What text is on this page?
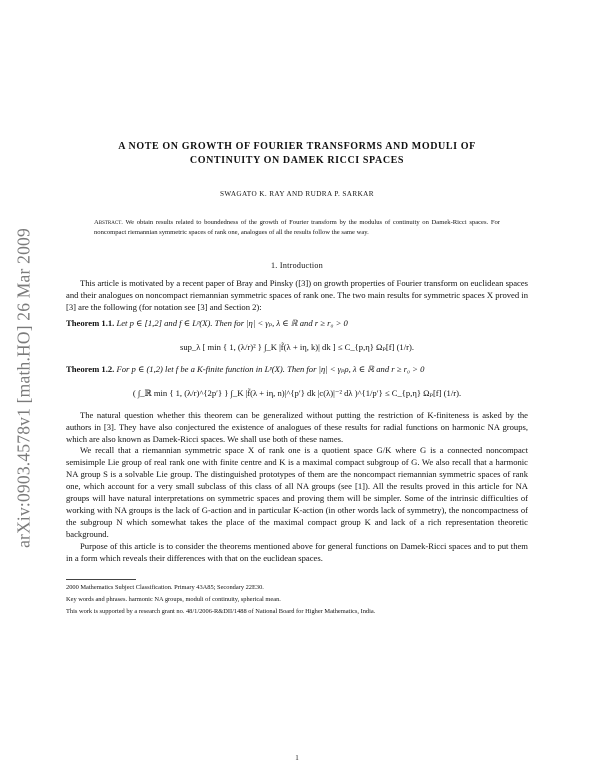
arXiv:0903.4578v1 [math.HO] 26 Mar 2009
A NOTE ON GROWTH OF FOURIER TRANSFORMS AND MODULI OF
CONTINUITY ON DAMEK RICCI SPACES
SWAGATO K. RAY AND RUDRA P. SARKAR
Abstract. We obtain results related to boundedness of the growth of Fourier transform by the modulus of continuity on Damek-Ricci spaces. For noncompact riemannian symmetric spaces of rank one, analogues of all the results follow the same way.
1. Introduction

This article is motivated by a recent paper of Bray and Pinsky ([3]) on growth properties of Fourier transform on euclidean spaces and their analogues on noncompact riemannian symmetric spaces of rank one. The two main results for symmetric spaces X proved in [3] are the following (for notation see [3] and Section 2):

Theorem 1.1. Let p ∈ [1,2] and f ∈ Lᵖ(X). Then for |η| < γₚ, λ ∈ ℝ and r ≥ r₀ > 0

sup_λ [ min { 1, (λ/r)² } ∫_K |f̃(λ + iη, k)| dk ] ≤ C_{p,η} Ωₚ[f] (1/r).

Theorem 1.2. For p ∈ (1,2) let f be a K-finite function in Lᵖ(X). Then for |η| < γₚρ, λ ∈ ℝ and r ≥ r₀ > 0

( ∫_ℝ min { 1, (λ/r)^{2p′} } ∫_K |f̃(λ + iη, n)|^{p′} dk |c(λ)|⁻² dλ )^{1/p′} ≤ C_{p,η} Ωₚ[f] (1/r).

The natural question whether this theorem can be generalized without putting the restriction of K-finiteness is asked by the authors in [3]. They have also conjectured the existence of analogues of these results for radial functions on harmonic NA groups, which are also known as Damek-Ricci spaces. We shall use both of these names.

We recall that a riemannian symmetric space X of rank one is a quotient space G/K where G is a connected noncompact semisimple Lie group of real rank one with finite centre and K is a maximal compact subgroup of G. We also recall that a harmonic NA group S is a solvable Lie group. The distinguished prototypes of them are the noncompact riemannian symmetric spaces of rank one, which account for a very small subclass of this class of all NA groups (see [1]). All the results proved in this article for NA groups will have natural interpretations on symmetric spaces and proving them will be simpler. Some of the intrinsic difficulties of working with NA groups is the lack of G-action and in particular K-action (in other words lack of symmetry), the noncompactness of the subgroup N which somewhat takes the place of the maximal compact group K and lack of a rich representation theoretic background.

Purpose of this article is to consider the theorems mentioned above for general functions on Damek-Ricci spaces and to put them in a form which reveals their differences with that on the euclidean spaces.

2000 Mathematics Subject Classification. Primary 43A85; Secondary 22E30.
Key words and phrases. harmonic NA groups, moduli of continuity, spherical mean.
This work is supported by a research grant no. 48/1/2006-R&DII/1488 of National Board for Higher Mathematics, India.
1
